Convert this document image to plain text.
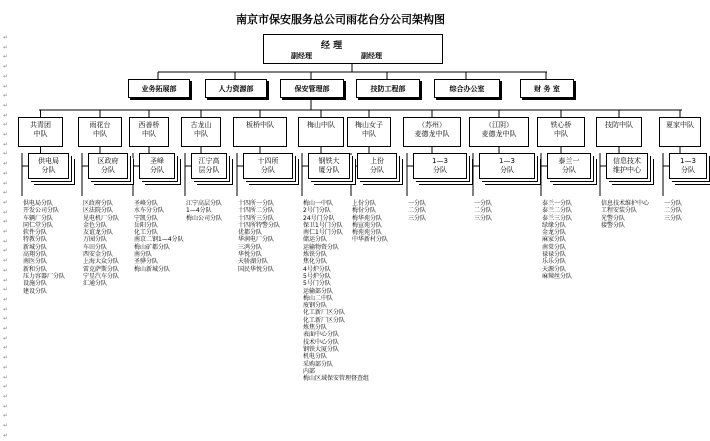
南京市保安服务总公司雨花台分公司架构图
经 理
副经理	副经理
业务拓展部	人力资源部	保安管理部	技防工程部	综合办公室	财 务 室
共青团
中队
供电局
分队
供电局分队
开发公司分队
车辆厂分队
同仁堂分队
软件分队
特教分队
新城分队
高翔分队
南医分队
新和分队
压力容器厂分队
设施分队
建设分队
雨花台
中队
区政府
分队
区政府分队
区法院分队
见电机厂分队
金色分队
友谊龙分队
万园分队
车田分队
西安金分队
上海大众分队
雷克萨斯分队
宁星汽车分队
汇通分队
西善桥
中队
圣峰
分队
圣峰分队
水车分分队
宁凯分队
岳阳分队
化工分队
南京二钢1—4分队
梅山矿都分队
南分队
圣骅分队
梅山新城分队
古龙山
中队
江宁高
层分队
江宁高层分队
1—4分队
梅山公司分队
板桥中队
十四所
分队
十四所一分队
十四所二分队
十四所三分队
十四所特警分队
优都分队
华润电厂分队
三鸿分队
华悦分队
天骄湖分队
国民华悦分队
梅山中队
钢铁大
厦分队
梅山一中队
2号门分队
24号门分队
保卫1号门分队
南仁1号门分队
储运分队
运输物资分队
炼铁分队
焦化分队
4号炉分队
5号炉分队
5号门分队
运输部分队
梅山二中队
废钢分队
化工新厂区分队
化工新厂区分队
炼焦分队
表面中心分队
技术中心分队
钢铁大厦分队
机电分队
采购部分队
内部
梅山区域保安管理督查组
梅山女子
中队
上份
分队
上份分队
梅份分队
梅华苑分队
梅宣苑分队
梅苑苑分队
中华新村分队
（苏州）
麦德龙中队
1—3
分队
一分队
二分队
三分队
（江阴）
麦德龙中队
1—3
分队
一分队
二分队
三分队
铁心桥
中队
泰兰一
分队
泰兰一分队
泰兰二分队
泰兰三分队
绿缘分队
金龙分队
麻家分队
南棠分队
禄禄分队
乐乐分队
天源分队
麻辣丝分队
技防中队
信息技术
维护中心
信息技术维护中心
工程安装分队
光警分队
接警分队
夏家中队
1—3
分队
一分队
二分队
三分队
↵
↵
↵
↵
↵
↵
↵
↵
↵
↵
↵
↵
↵
↵
↵
↵
↵
↵
↵
↵
↵
↵
↵
↵
↵
↵
↵
↵
↵
↵
↵
↵
↵
↵
↵
↵
↵
↵
↵
↵
↵
↵
